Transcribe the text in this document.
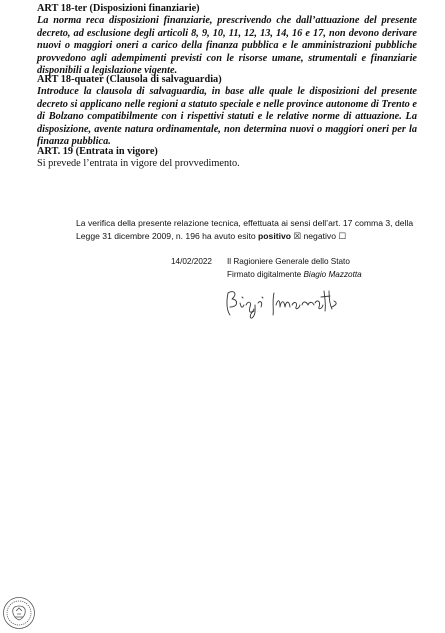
ART 18-ter (Disposizioni finanziarie)

La norma reca disposizioni finanziarie, prescrivendo che dall’attuazione del presente decreto, ad esclusione degli articoli 8, 9, 10, 11, 12, 13, 14, 16 e 17, non devono derivare nuovi o maggiori oneri a carico della finanza pubblica e le amministrazioni pubbliche provvedono agli adempimenti previsti con le risorse umane, strumentali e finanziarie disponibili a legislazione vigente.

ART 18-quater (Clausola di salvaguardia)

Introduce la clausola di salvaguardia, in base alle quale le disposizioni del presente decreto si applicano nelle regioni a statuto speciale e nelle province autonome di Trento e di Bolzano compatibilmente con i rispettivi statuti e le relative norme di attuazione. La disposizione, avente natura ordinamentale, non determina nuovi o maggiori oneri per la finanza pubblica.

ART. 19 (Entrata in vigore)

Si prevede l’entrata in vigore del provvedimento.

La verifica della presente relazione tecnica, effettuata ai sensi dell’art. 17 comma 3, della Legge 31 dicembre 2009, n. 196 ha avuto esito positivo ☒ negativo ☐
14/02/2022 Il Ragioniere Generale dello Stato
Firmato digitalmente Biagio Mazzotta
